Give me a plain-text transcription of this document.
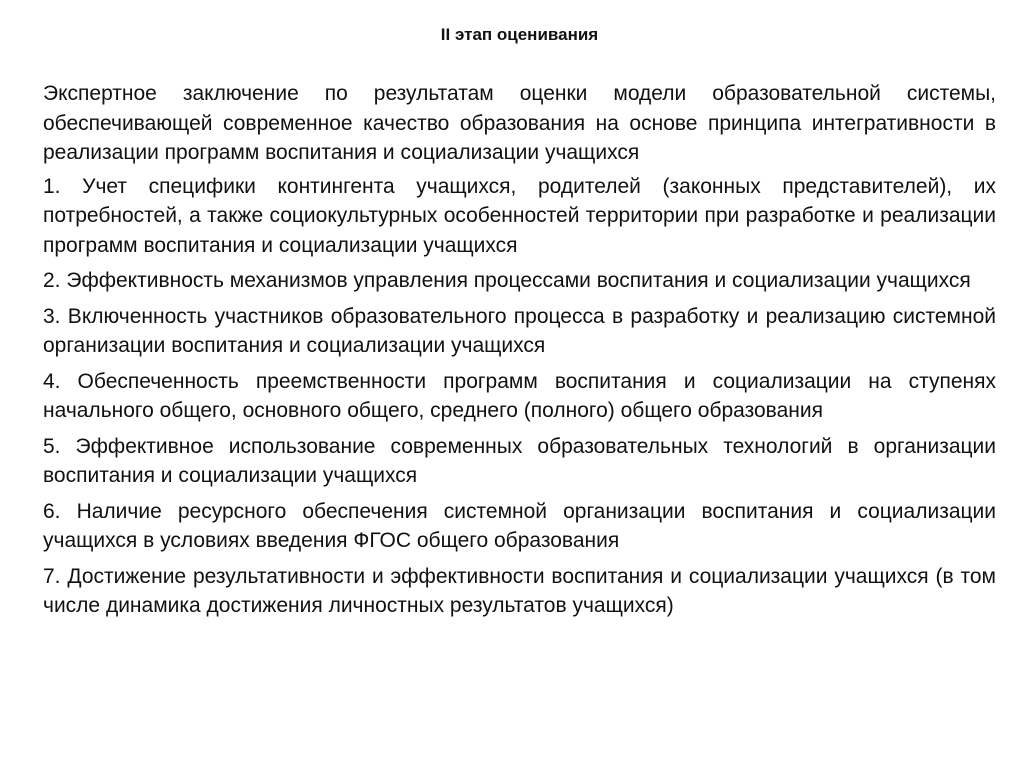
II этап оценивания

Экспертное заключение по результатам оценки модели образовательной системы, обеспечивающей современное качество образования на основе принципа интегративности в реализации программ воспитания и социализации учащихся

1. Учет специфики контингента учащихся, родителей (законных представителей), их потребностей, а также социокультурных особенностей территории при разработке и реализации программ воспитания и социализации учащихся

2. Эффективность механизмов управления процессами воспитания и социализации учащихся

3. Включенность участников образовательного процесса в разработку и реализацию системной организации воспитания и социализации учащихся

4. Обеспеченность преемственности программ воспитания и социализации на ступенях начального общего, основного общего, среднего (полного) общего образования

5. Эффективное использование современных образовательных технологий в организации воспитания и социализации учащихся

6. Наличие ресурсного обеспечения системной организации воспитания и социализации учащихся в условиях введения ФГОС общего образования

7. Достижение результативности и эффективности воспитания и социализации учащихся (в том числе динамика достижения личностных результатов учащихся)
